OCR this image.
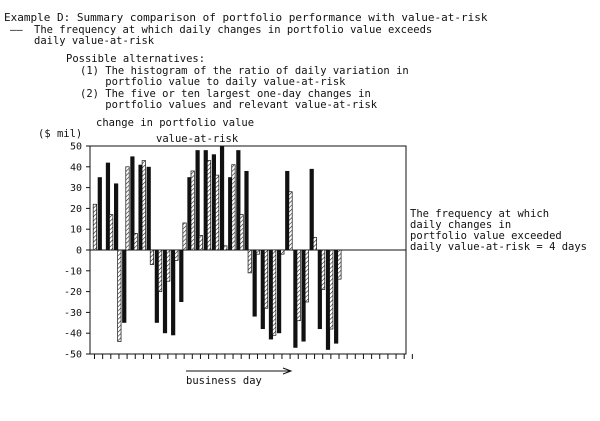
Example D: Summary comparison of portfolio performance with value-at-risk
—— The frequency at which daily changes in portfolio value exceeds
daily value-at-risk
Possible alternatives:
(1) The histogram of the ratio of daily variation in
portfolio value to daily value-at-risk
(2) The five or ten largest one-day changes in
portfolio values and relevant value-at-risk
change in portfolio value
value-at-risk
($ mil)
The frequency at which
daily changes in
portfolio value exceeded
daily value-at-risk = 4 days
business day
50
40
30
20
10
0
-10
-20
-30
-40
-50
